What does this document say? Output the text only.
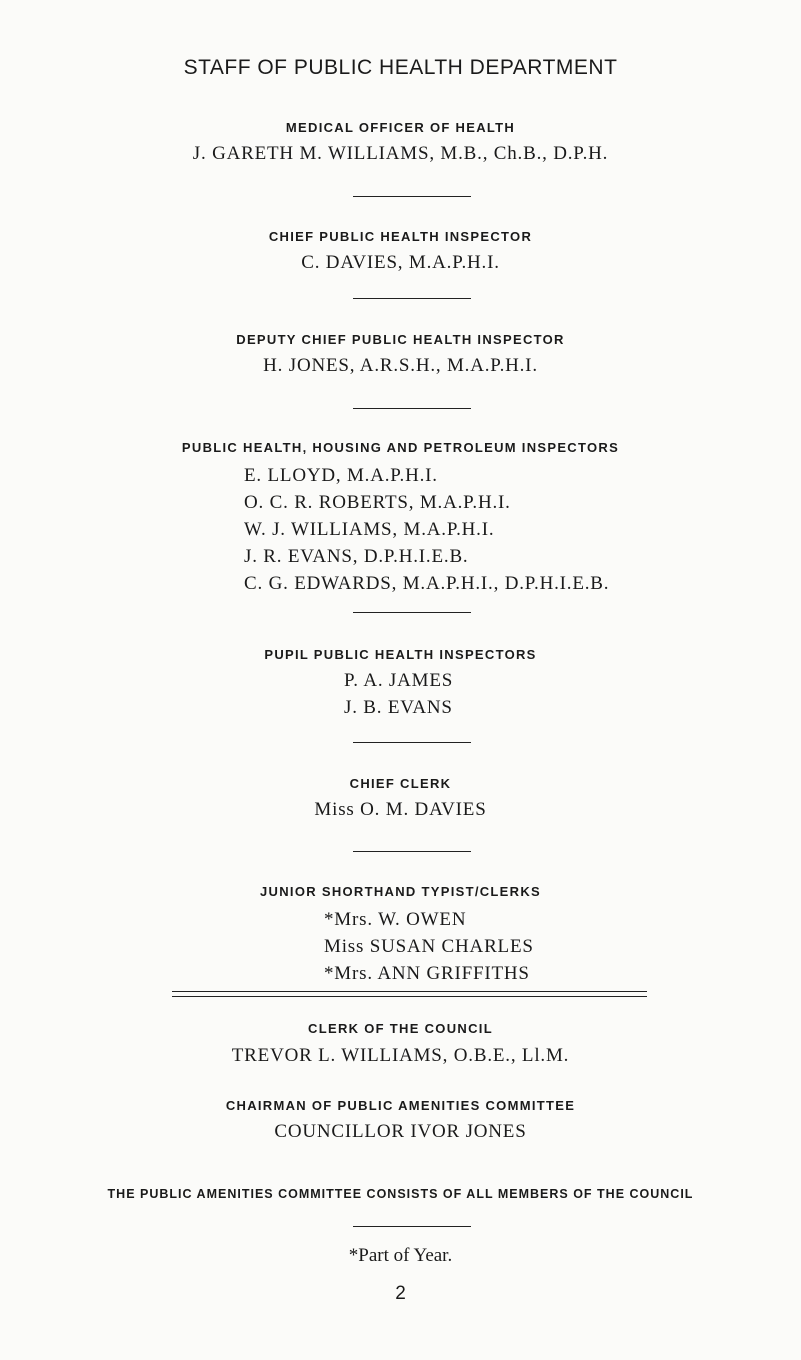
STAFF OF PUBLIC HEALTH DEPARTMENT
MEDICAL OFFICER OF HEALTH
J. GARETH M. WILLIAMS, M.B., Ch.B., D.P.H.
CHIEF PUBLIC HEALTH INSPECTOR
C. DAVIES, M.A.P.H.I.
DEPUTY CHIEF PUBLIC HEALTH INSPECTOR
H. JONES, A.R.S.H., M.A.P.H.I.
PUBLIC HEALTH, HOUSING AND PETROLEUM INSPECTORS
E. LLOYD, M.A.P.H.I.
O. C. R. ROBERTS, M.A.P.H.I.
W. J. WILLIAMS, M.A.P.H.I.
J. R. EVANS, D.P.H.I.E.B.
C. G. EDWARDS, M.A.P.H.I., D.P.H.I.E.B.
PUPIL PUBLIC HEALTH INSPECTORS
P. A. JAMES
J. B. EVANS
CHIEF CLERK
Miss O. M. DAVIES
JUNIOR SHORTHAND TYPIST/CLERKS
*Mrs. W. OWEN
Miss SUSAN CHARLES
*Mrs. ANN GRIFFITHS
CLERK OF THE COUNCIL
TREVOR L. WILLIAMS, O.B.E., Ll.M.
CHAIRMAN OF PUBLIC AMENITIES COMMITTEE
COUNCILLOR IVOR JONES
THE PUBLIC AMENITIES COMMITTEE CONSISTS OF ALL MEMBERS OF THE COUNCIL
*Part of Year.
2
